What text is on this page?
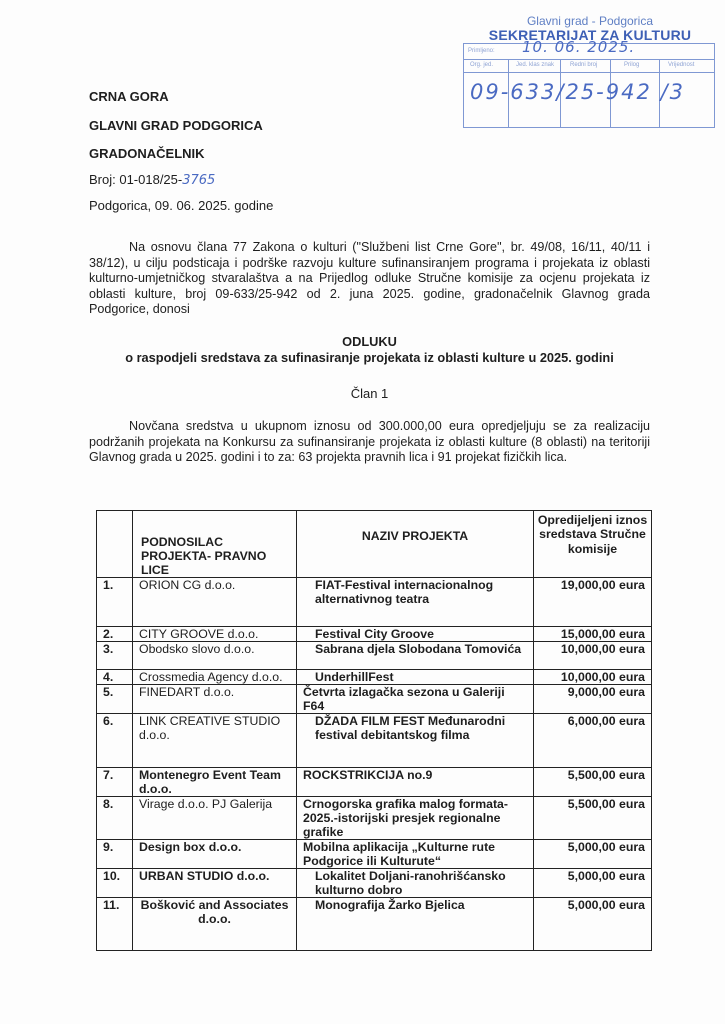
Glavni grad - Podgorica
SEKRETARIJAT ZA KULTURU
Primljeno: 10. 06. 2025.
Org. jed.	Jed. klas znak	Redni broj	Prilog	Vrijednost
09-633/25-942 /3
CRNA GORA
GLAVNI GRAD PODGORICA
GRADONAČELNIK
Broj: 01-018/25-3765
Podgorica, 09. 06. 2025. godine
Na osnovu člana 77 Zakona o kulturi ("Službeni list Crne Gore", br. 49/08, 16/11, 40/11 i 38/12), u cilju podsticaja i podrške razvoju kulture sufinansiranjem programa i projekata iz oblasti kulturno-umjetničkog stvaralaštva a na Prijedlog odluke Stručne komisije za ocjenu projekata iz oblasti kulture, broj 09-633/25-942 od 2. juna 2025. godine, gradonačelnik Glavnog grada Podgorice, donosi
ODLUKU
o raspodjeli sredstava za sufinasiranje projekata iz oblasti kulture u 2025. godini
Član 1
Novčana sredstva u ukupnom iznosu od 300.000,00 eura opredjeljuju se za realizaciju podržanih projekata na Konkursu za sufinansiranje projekata iz oblasti kulture (8 oblasti) na teritoriji Glavnog grada u 2025. godini i to za: 63 projekta pravnih lica i 91 projekat fizičkih lica.
	PODNOSILAC PROJEKTA- PRAVNO LICE	NAZIV PROJEKTA	Opredijeljeni iznos sredstava Stručne komisije
1.	ORION CG d.o.o.	FIAT-Festival internacionalnog alternativnog teatra	19,000,00 eura
2.	CITY GROOVE d.o.o.	Festival City Groove	15,000,00 eura
3.	Obodsko slovo d.o.o.	Sabrana djela Slobodana Tomovića	10,000,00 eura
4.	Crossmedia Agency d.o.o.	UnderhillFest	10,000,00 eura
5.	FINEDART d.o.o.	Četvrta izlagačka sezona u Galeriji F64	9,000,00 eura
6.	LINK CREATIVE STUDIO d.o.o.	DŽADA FILM FEST Međunarodni festival debitantskog filma	6,000,00 eura
7.	Montenegro Event Team d.o.o.	ROCKSTRIKCIJA no.9	5,500,00 eura
8.	Virage d.o.o. PJ Galerija	Crnogorska grafika malog formata-2025.-istorijski presjek regionalne grafike	5,500,00 eura
9.	Design box d.o.o.	Mobilna aplikacija „Kulturne rute Podgorice ili Kulturute“	5,000,00 eura
10.	URBAN STUDIO d.o.o.	Lokalitet Doljani-ranohrišćansko kulturno dobro	5,000,00 eura
11.	Bošković and Associates d.o.o.	Monografija Žarko Bjelica	5,000,00 eura
